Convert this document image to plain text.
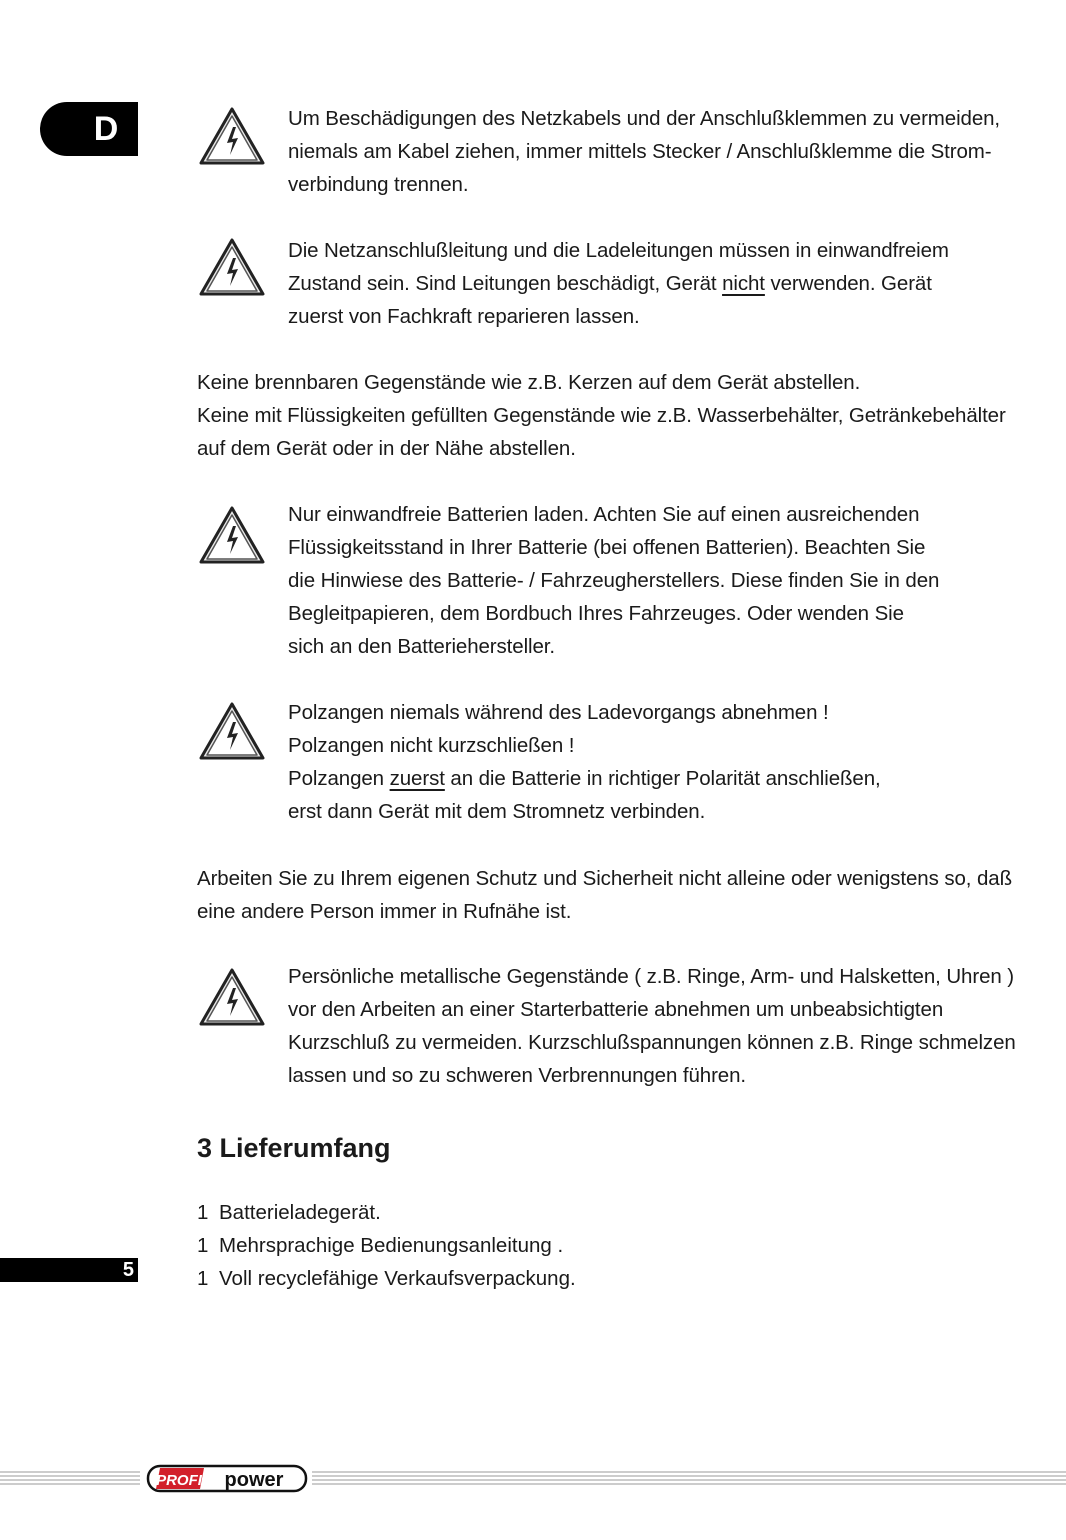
D
5
Um Beschädigungen des Netzkabels und der Anschlußklemmen zu vermeiden,
niemals am Kabel ziehen, immer mittels Stecker / Anschlußklemme die Strom-
verbindung trennen.
Die Netzanschlußleitung und die Ladeleitungen müssen in einwandfreiem
Zustand sein. Sind Leitungen beschädigt, Gerät nicht verwenden. Gerät
zuerst von Fachkraft reparieren lassen.
Keine brennbaren Gegenstände wie z.B. Kerzen auf dem Gerät abstellen.
Keine mit Flüssigkeiten gefüllten Gegenstände wie z.B. Wasserbehälter, Getränkebehälter
auf dem Gerät oder in der Nähe abstellen.
Nur einwandfreie Batterien laden. Achten Sie auf einen ausreichenden
Flüssigkeitsstand in Ihrer Batterie (bei offenen Batterien). Beachten Sie
die Hinwiese des Batterie- / Fahrzeugherstellers. Diese finden Sie in den
Begleitpapieren, dem Bordbuch Ihres Fahrzeuges. Oder wenden Sie
sich an den Batteriehersteller.
Polzangen niemals während des Ladevorgangs abnehmen !
Polzangen nicht kurzschließen !
Polzangen zuerst an die Batterie in richtiger Polarität anschließen,
erst dann Gerät mit dem Stromnetz verbinden.
Arbeiten Sie zu Ihrem eigenen Schutz und Sicherheit nicht alleine oder wenigstens so, daß
eine andere Person immer in Rufnähe ist.
Persönliche metallische Gegenstände ( z.B. Ringe, Arm- und Halsketten, Uhren )
vor den Arbeiten an einer Starterbatterie abnehmen um unbeabsichtigten
Kurzschluß zu vermeiden. Kurzschlußspannungen können z.B. Ringe schmelzen
lassen und so zu schweren Verbrennungen führen.
3 Lieferumfang
1 Batterieladegerät.
1 Mehrsprachige Bedienungsanleitung .
1 Voll recyclefähige Verkaufsverpackung.
PROFI power
